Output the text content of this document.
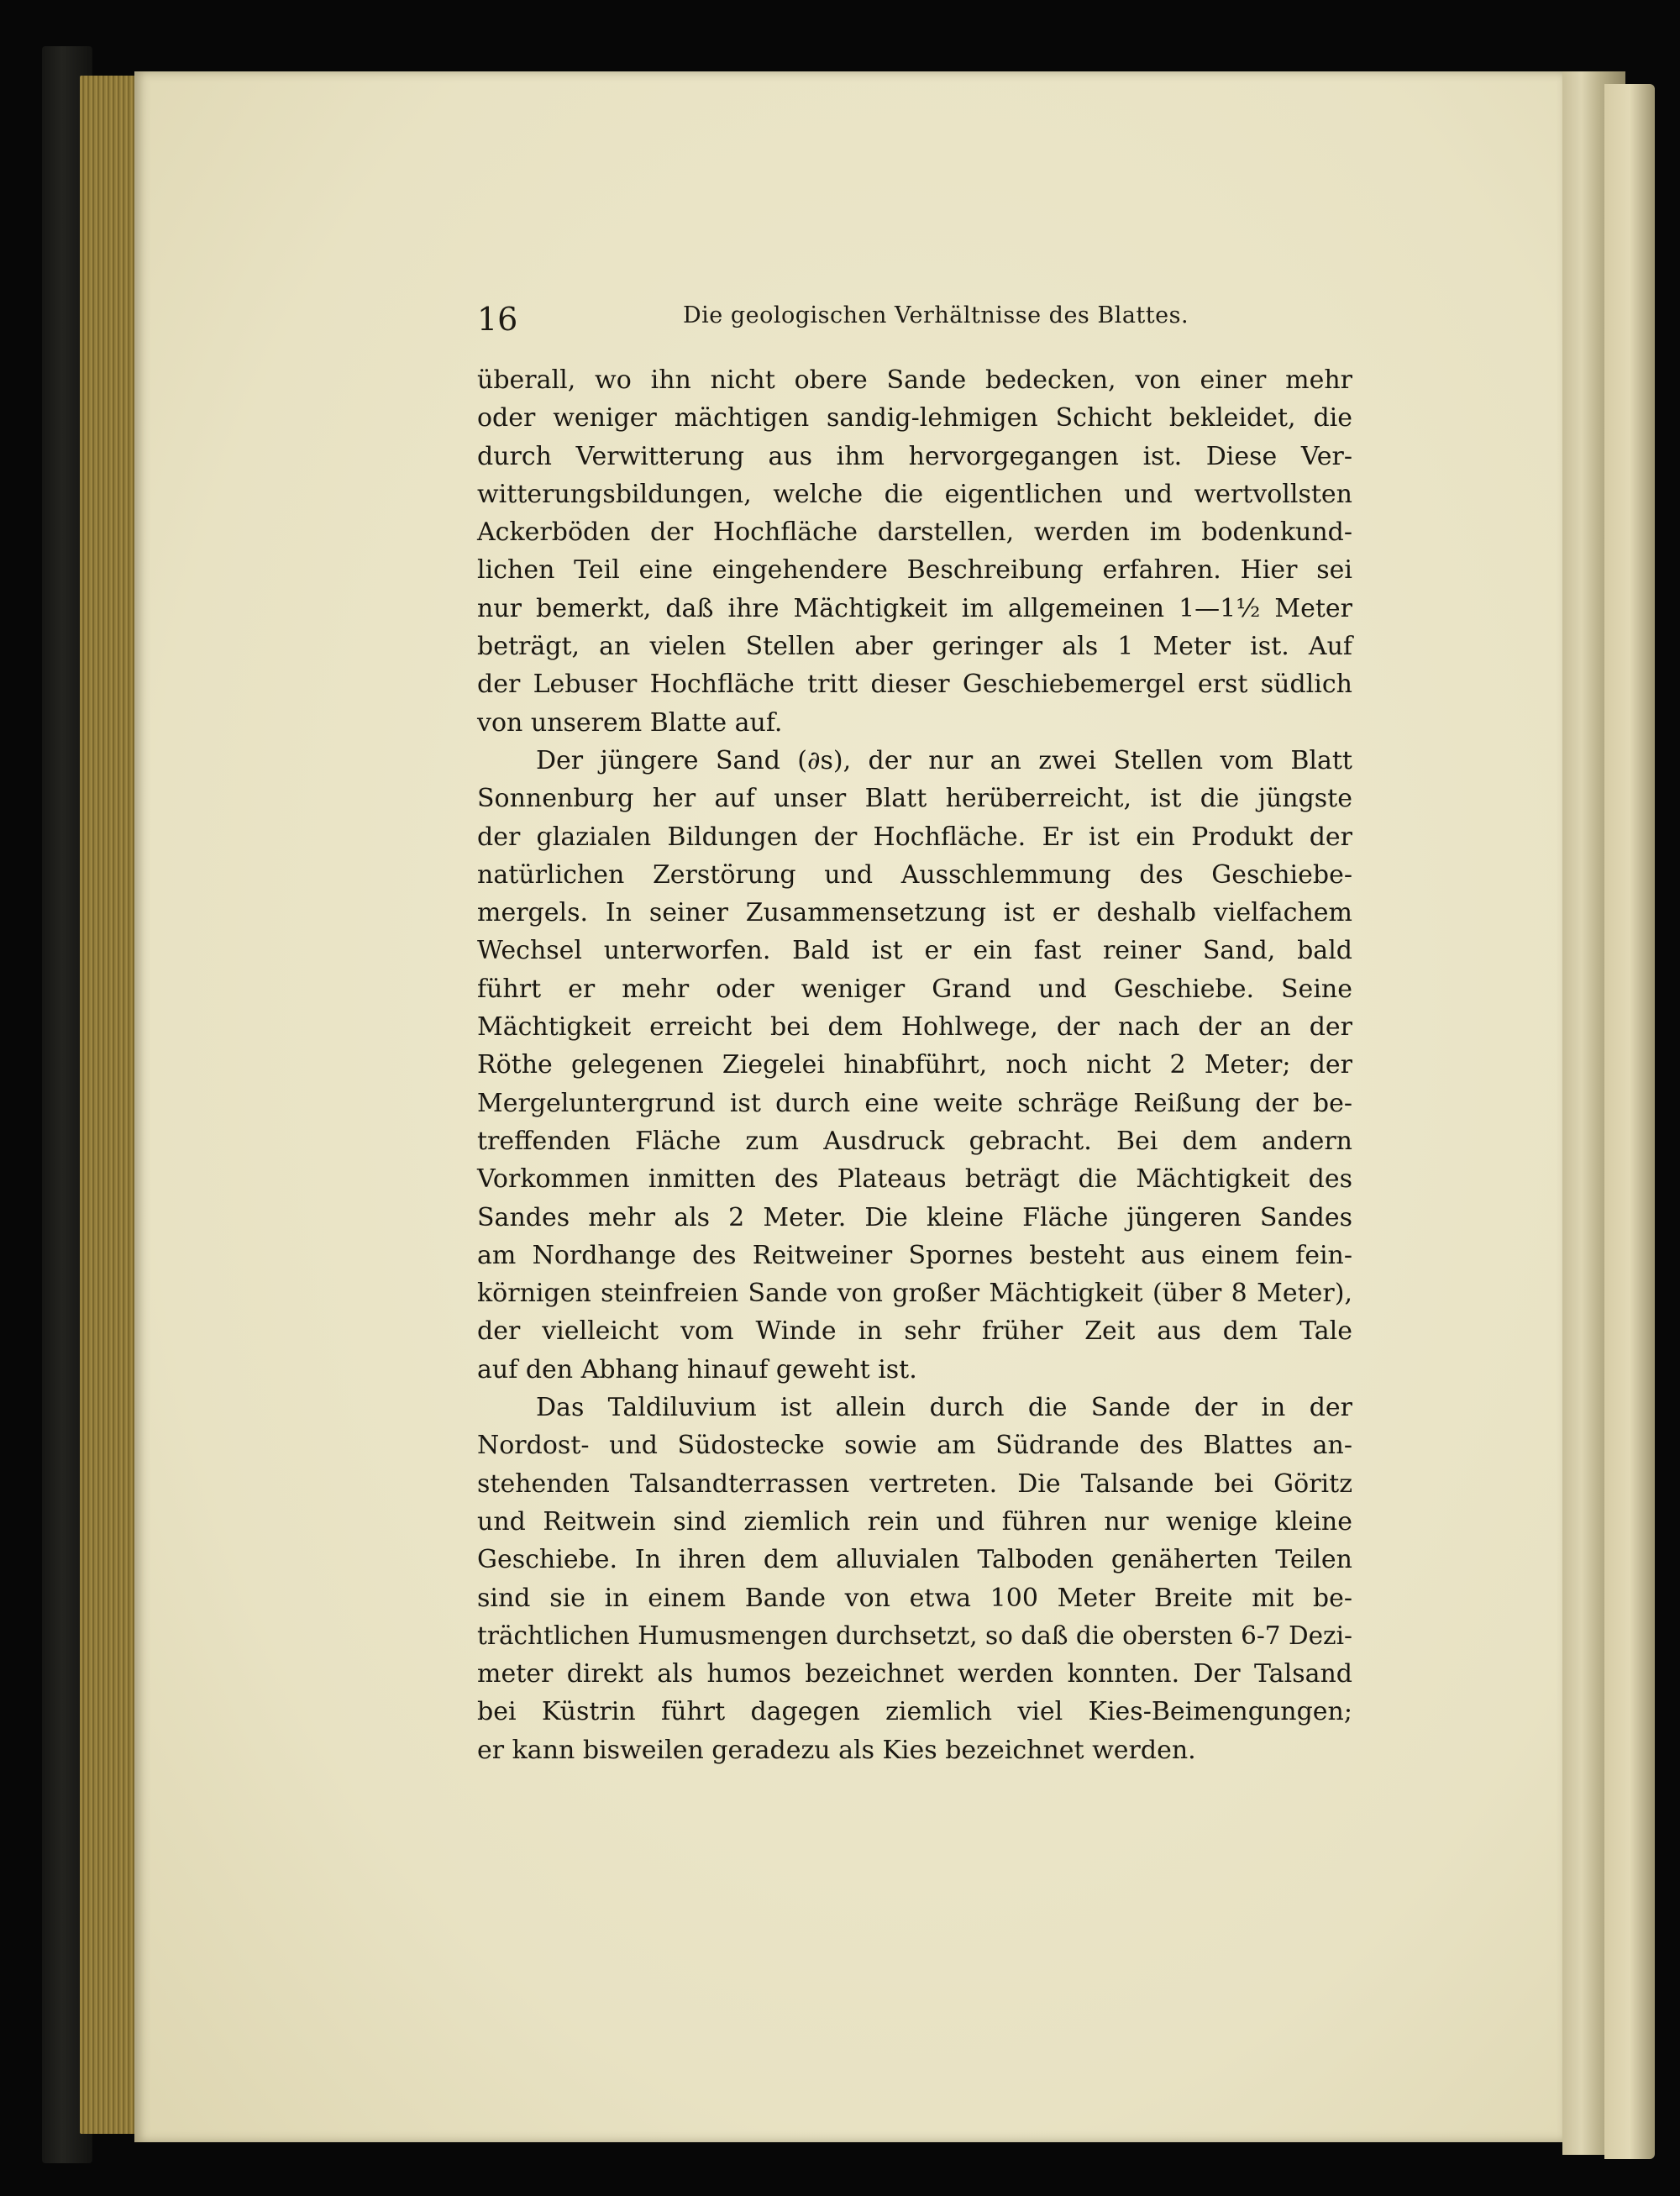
16	Die geologischen Verhältnisse des Blattes.
überall, wo ihn nicht obere Sande bedecken, von einer mehr
oder weniger mächtigen sandig-lehmigen Schicht bekleidet, die
durch Verwitterung aus ihm hervorgegangen ist. Diese Ver-
witterungsbildungen, welche die eigentlichen und wertvollsten
Ackerböden der Hochfläche darstellen, werden im bodenkund-
lichen Teil eine eingehendere Beschreibung erfahren. Hier sei
nur bemerkt, daß ihre Mächtigkeit im allgemeinen 1—1½ Meter
beträgt, an vielen Stellen aber geringer als 1 Meter ist. Auf
der Lebuser Hochfläche tritt dieser Geschiebemergel erst südlich
von unserem Blatte auf.
Der jüngere Sand (∂s), der nur an zwei Stellen vom Blatt
Sonnenburg her auf unser Blatt herüberreicht, ist die jüngste
der glazialen Bildungen der Hochfläche. Er ist ein Produkt der
natürlichen Zerstörung und Ausschlemmung des Geschiebe-
mergels. In seiner Zusammensetzung ist er deshalb vielfachem
Wechsel unterworfen. Bald ist er ein fast reiner Sand, bald
führt er mehr oder weniger Grand und Geschiebe. Seine
Mächtigkeit erreicht bei dem Hohlwege, der nach der an der
Röthe gelegenen Ziegelei hinabführt, noch nicht 2 Meter; der
Mergeluntergrund ist durch eine weite schräge Reißung der be-
treffenden Fläche zum Ausdruck gebracht. Bei dem andern
Vorkommen inmitten des Plateaus beträgt die Mächtigkeit des
Sandes mehr als 2 Meter. Die kleine Fläche jüngeren Sandes
am Nordhange des Reitweiner Spornes besteht aus einem fein-
körnigen steinfreien Sande von großer Mächtigkeit (über 8 Meter),
der vielleicht vom Winde in sehr früher Zeit aus dem Tale
auf den Abhang hinauf geweht ist.
Das Taldiluvium ist allein durch die Sande der in der
Nordost- und Südostecke sowie am Südrande des Blattes an-
stehenden Talsandterrassen vertreten. Die Talsande bei Göritz
und Reitwein sind ziemlich rein und führen nur wenige kleine
Geschiebe. In ihren dem alluvialen Talboden genäherten Teilen
sind sie in einem Bande von etwa 100 Meter Breite mit be-
trächtlichen Humusmengen durchsetzt, so daß die obersten 6-7 Dezi-
meter direkt als humos bezeichnet werden konnten. Der Talsand
bei Küstrin führt dagegen ziemlich viel Kies-Beimengungen;
er kann bisweilen geradezu als Kies bezeichnet werden.
